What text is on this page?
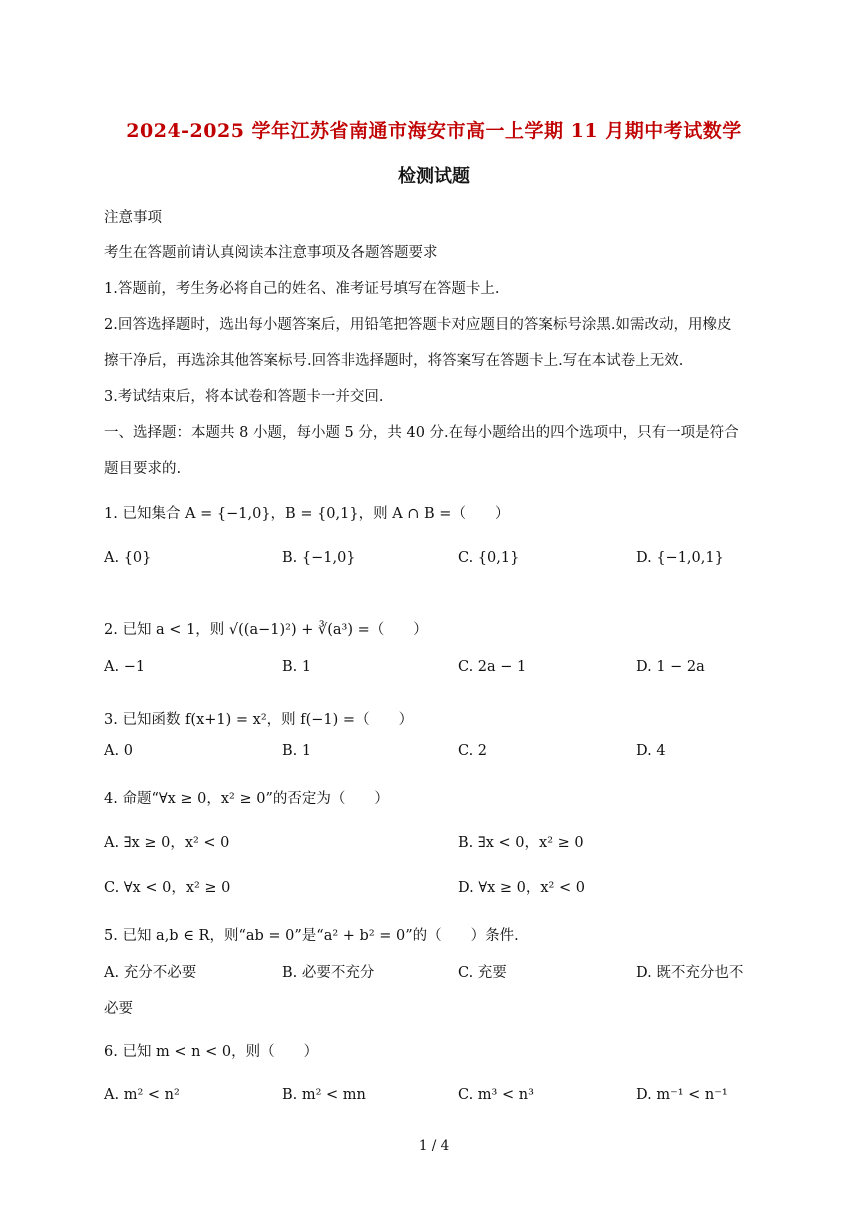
2024-2025 学年江苏省南通市海安市高一上学期 11 月期中考试数学
检测试题
注意事项
考生在答题前请认真阅读本注意事项及各题答题要求
1.答题前，考生务必将自己的姓名、准考证号填写在答题卡上.
2.回答选择题时，选出每小题答案后，用铅笔把答题卡对应题目的答案标号涂黑.如需改动，用橡皮
擦干净后，再选涂其他答案标号.回答非选择题时，将答案写在答题卡上.写在本试卷上无效.
3.考试结束后，将本试卷和答题卡一并交回.
一、选择题：本题共 8 小题，每小题 5 分，共 40 分.在每小题给出的四个选项中，只有一项是符合
题目要求的.
1. 已知集合 A = {−1,0}，B = {0,1}，则 A ∩ B =（　　）
A. {0}	B. {−1,0}	C. {0,1}	D. {−1,0,1}
2. 已知 a < 1，则 √((a−1)²) + ∛(a³) =（　　）
A. −1	B. 1	C. 2a − 1	D. 1 − 2a
3. 已知函数 f(x+1) = x²，则 f(−1) =（　　）
A. 0	B. 1	C. 2	D. 4
4. 命题“∀x ≥ 0，x² ≥ 0”的否定为（　　）
A. ∃x ≥ 0，x² < 0	B. ∃x < 0，x² ≥ 0
C. ∀x < 0，x² ≥ 0	D. ∀x ≥ 0，x² < 0
5. 已知 a,b ∈ R，则“ab = 0”是“a² + b² = 0”的（　　）条件.
A. 充分不必要	B. 必要不充分	C. 充要	D. 既不充分也不
必要
6. 已知 m < n < 0，则（　　）
A. m² < n²	B. m² < mn	C. m³ < n³	D. m⁻¹ < n⁻¹
1 / 4
